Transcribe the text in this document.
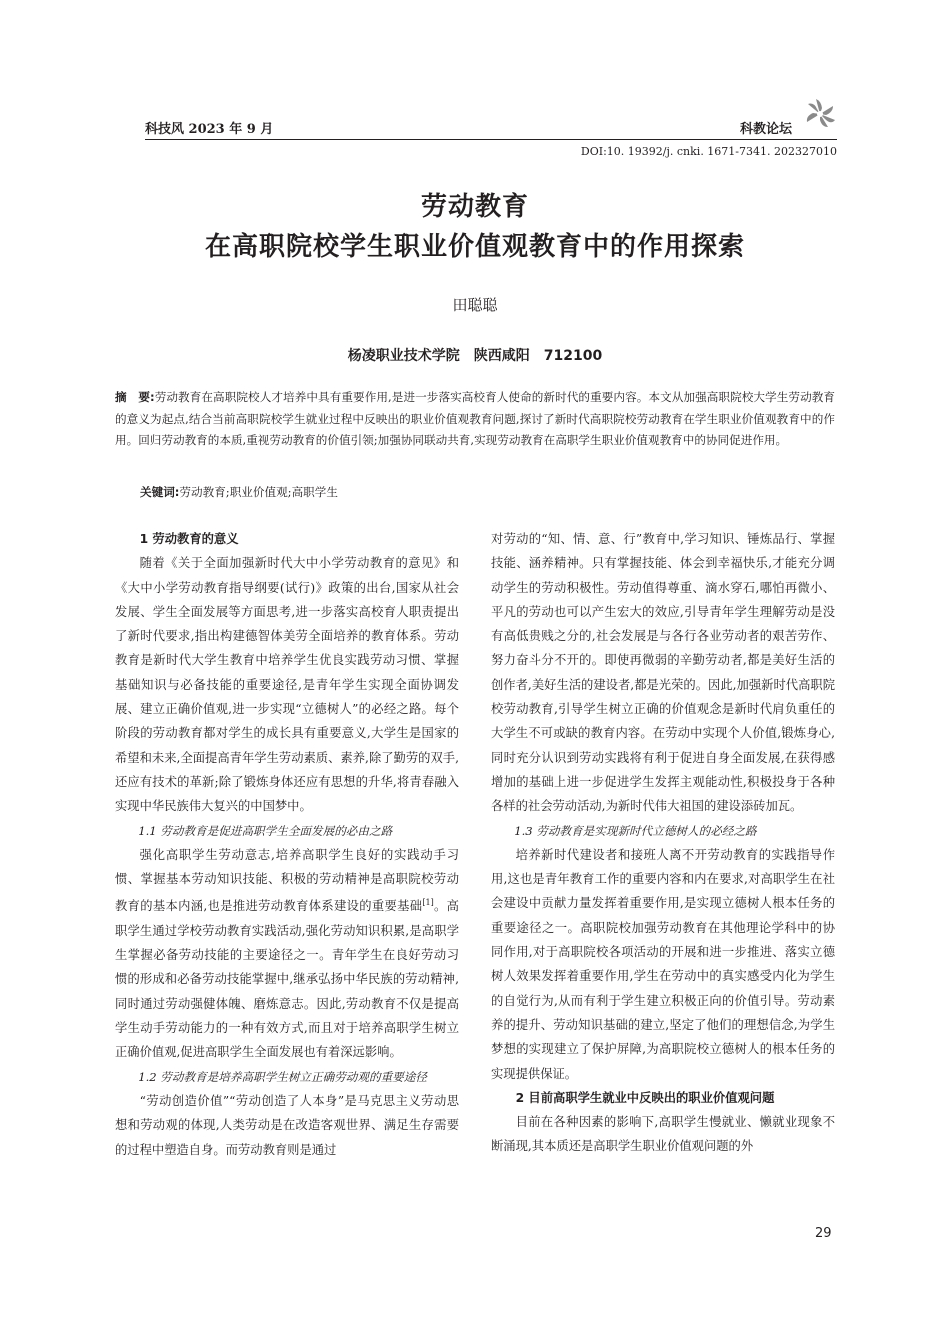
科技风 2023 年 9 月	科教论坛
DOI:10. 19392/j. cnki. 1671-7341. 202327010
劳动教育
在高职院校学生职业价值观教育中的作用探索
田聪聪
杨凌职业技术学院　陕西咸阳　712100
摘　要:劳动教育在高职院校人才培养中具有重要作用,是进一步落实高校育人使命的新时代的重要内容。本文从加强高职院校大学生劳动教育的意义为起点,结合当前高职院校学生就业过程中反映出的职业价值观教育问题,探讨了新时代高职院校劳动教育在学生职业价值观教育中的作用。回归劳动教育的本质,重视劳动教育的价值引领;加强协同联动共育,实现劳动教育在高职学生职业价值观教育中的协同促进作用。
关键词:劳动教育;职业价值观;高职学生
1 劳动教育的意义

随着《关于全面加强新时代大中小学劳动教育的意见》和《大中小学劳动教育指导纲要(试行)》政策的出台,国家从社会发展、学生全面发展等方面思考,进一步落实高校育人职责提出了新时代要求,指出构建德智体美劳全面培养的教育体系。劳动教育是新时代大学生教育中培养学生优良实践劳动习惯、掌握基础知识与必备技能的重要途径,是青年学生实现全面协调发展、建立正确价值观,进一步实现“立德树人”的必经之路。每个阶段的劳动教育都对学生的成长具有重要意义,大学生是国家的希望和未来,全面提高青年学生劳动素质、素养,除了勤劳的双手,还应有技术的革新;除了锻炼身体还应有思想的升华,将青春融入实现中华民族伟大复兴的中国梦中。

1.1 劳动教育是促进高职学生全面发展的必由之路

强化高职学生劳动意志,培养高职学生良好的实践动手习惯、掌握基本劳动知识技能、积极的劳动精神是高职院校劳动教育的基本内涵,也是推进劳动教育体系建设的重要基础[1]。高职学生通过学校劳动教育实践活动,强化劳动知识积累,是高职学生掌握必备劳动技能的主要途径之一。青年学生在良好劳动习惯的形成和必备劳动技能掌握中,继承弘扬中华民族的劳动精神,同时通过劳动强健体魄、磨炼意志。因此,劳动教育不仅是提高学生动手劳动能力的一种有效方式,而且对于培养高职学生树立正确价值观,促进高职学生全面发展也有着深远影响。

1.2 劳动教育是培养高职学生树立正确劳动观的重要途径

“劳动创造价值”“劳动创造了人本身”是马克思主义劳动思想和劳动观的体现,人类劳动是在改造客观世界、满足生存需要的过程中塑造自身。而劳动教育则是通过

对劳动的“知、情、意、行”教育中,学习知识、锤炼品行、掌握技能、涵养精神。只有掌握技能、体会到幸福快乐,才能充分调动学生的劳动积极性。劳动值得尊重、滴水穿石,哪怕再微小、平凡的劳动也可以产生宏大的效应,引导青年学生理解劳动是没有高低贵贱之分的,社会发展是与各行各业劳动者的艰苦劳作、努力奋斗分不开的。即使再微弱的辛勤劳动者,都是美好生活的创作者,美好生活的建设者,都是光荣的。因此,加强新时代高职院校劳动教育,引导学生树立正确的价值观念是新时代肩负重任的大学生不可或缺的教育内容。在劳动中实现个人价值,锻炼身心,同时充分认识到劳动实践将有利于促进自身全面发展,在获得感增加的基础上进一步促进学生发挥主观能动性,积极投身于各种各样的社会劳动活动,为新时代伟大祖国的建设添砖加瓦。

1.3 劳动教育是实现新时代立德树人的必经之路

培养新时代建设者和接班人离不开劳动教育的实践指导作用,这也是青年教育工作的重要内容和内在要求,对高职学生在社会建设中贡献力量发挥着重要作用,是实现立德树人根本任务的重要途径之一。高职院校加强劳动教育在其他理论学科中的协同作用,对于高职院校各项活动的开展和进一步推进、落实立德树人效果发挥着重要作用,学生在劳动中的真实感受内化为学生的自觉行为,从而有利于学生建立积极正向的价值引导。劳动素养的提升、劳动知识基础的建立,坚定了他们的理想信念,为学生梦想的实现建立了保护屏障,为高职院校立德树人的根本任务的实现提供保证。

2 目前高职学生就业中反映出的职业价值观问题

目前在各种因素的影响下,高职学生慢就业、懒就业现象不断涌现,其本质还是高职学生职业价值观问题的外

29
